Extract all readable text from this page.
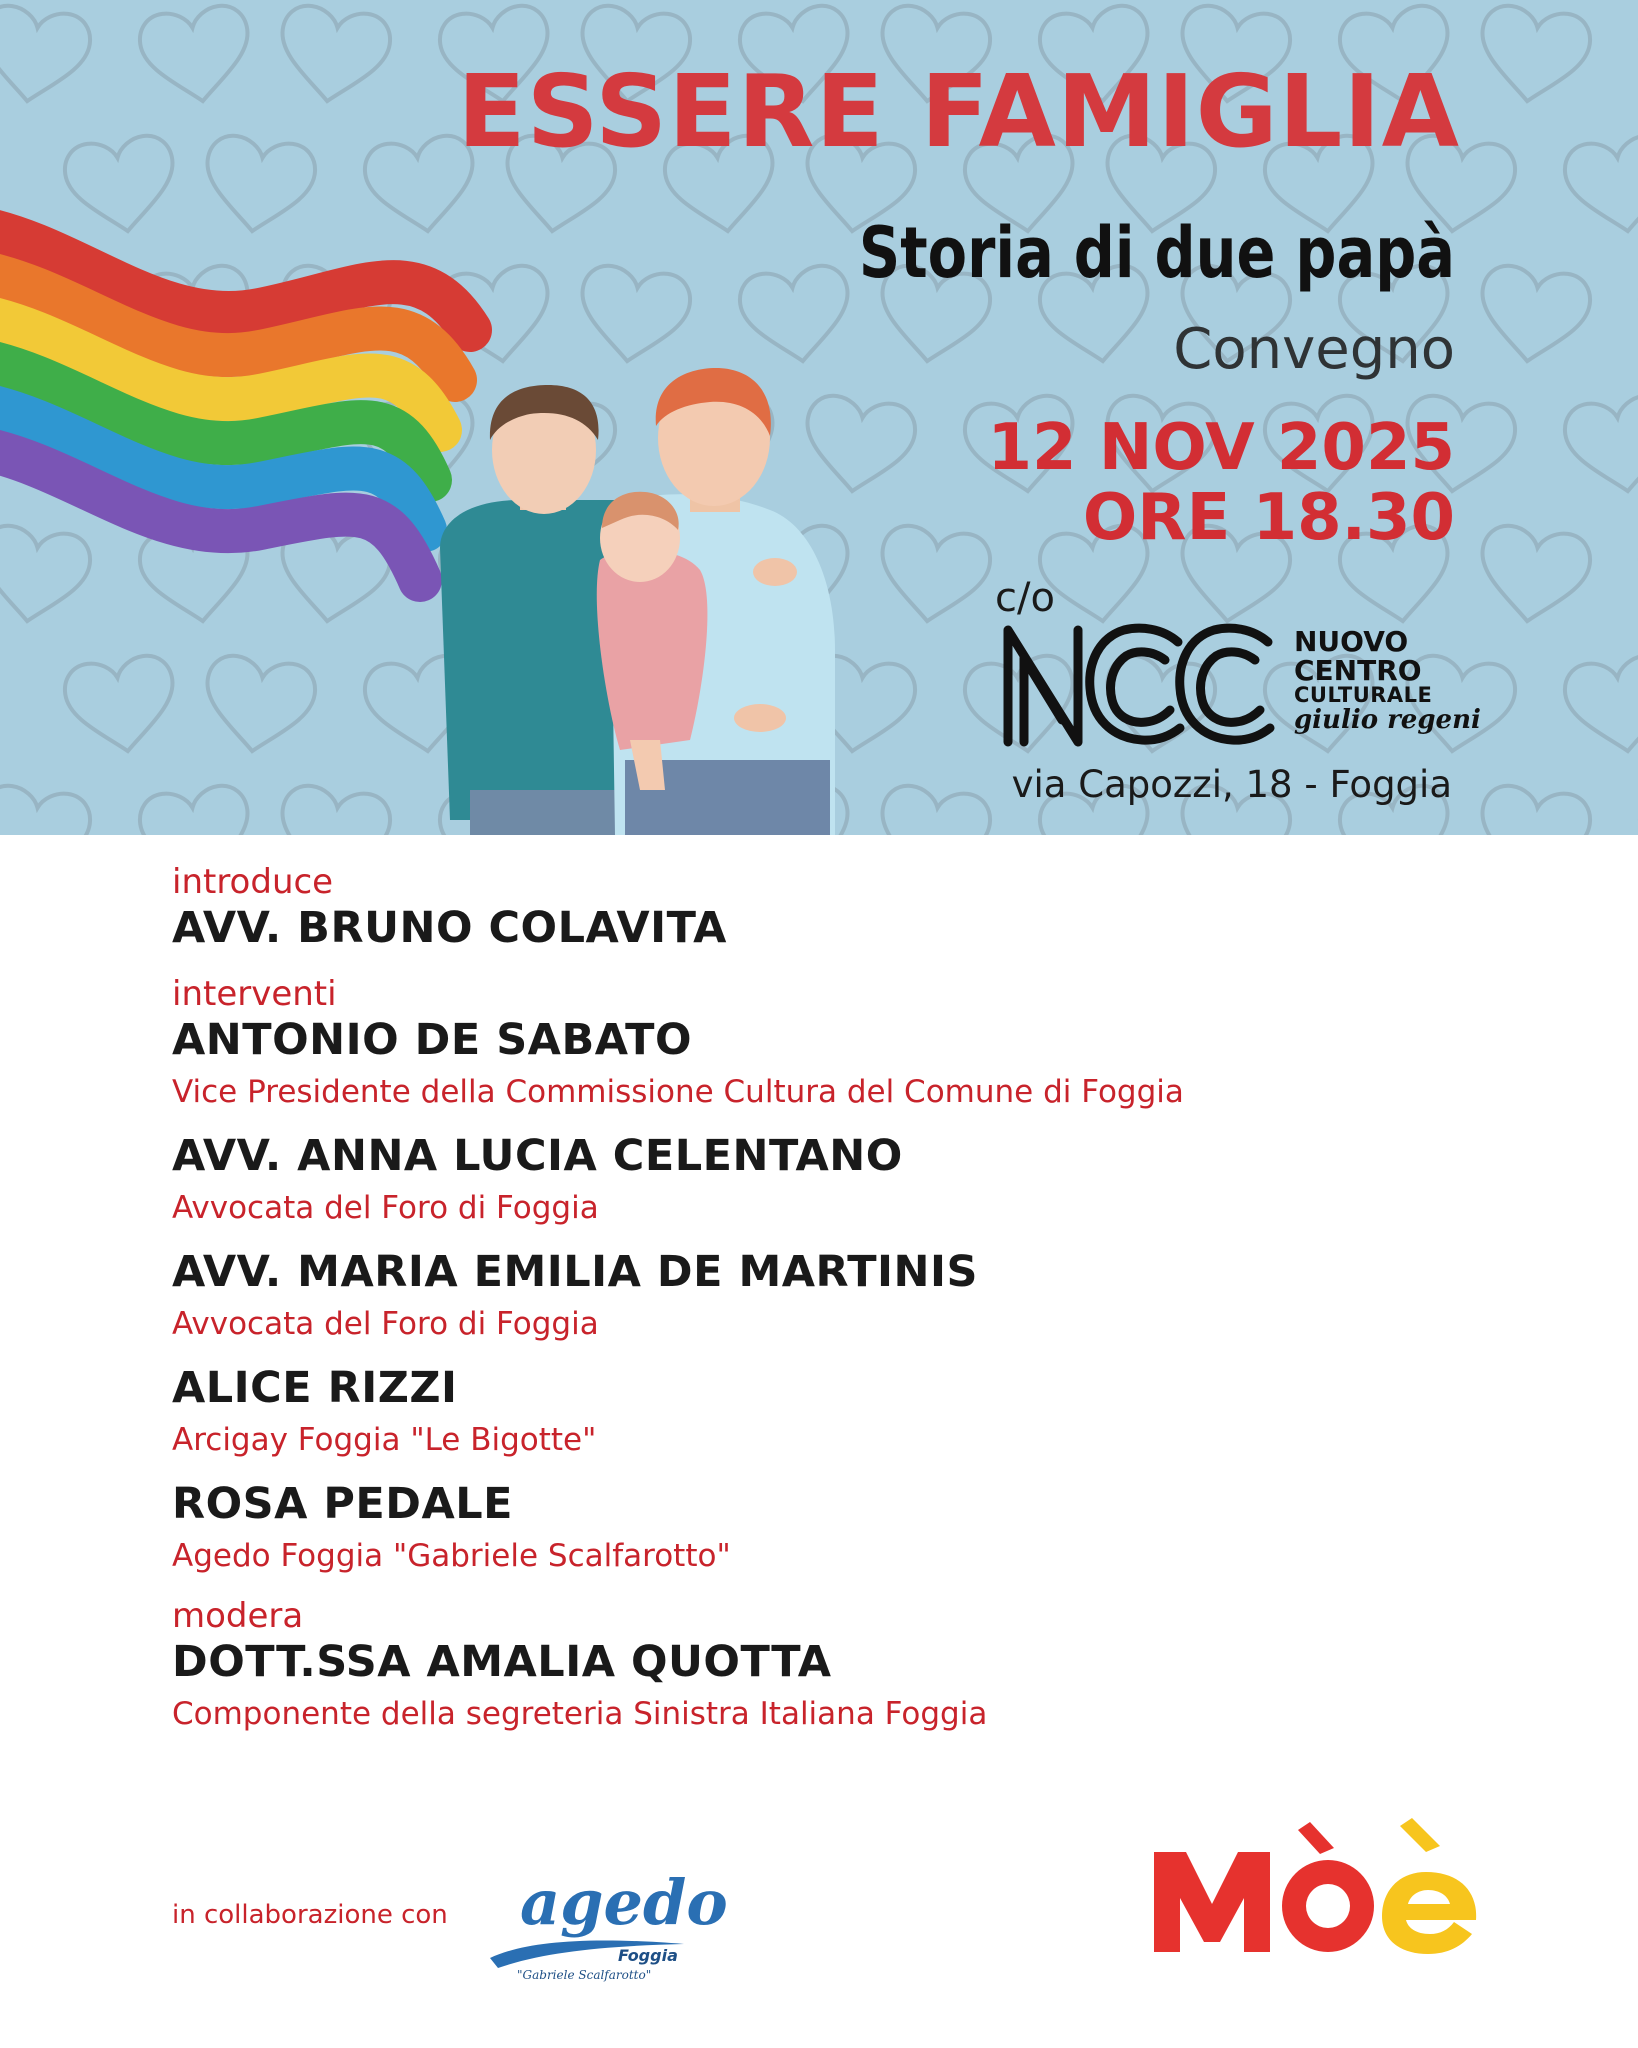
ESSERE FAMIGLIA
Storia di due papà
Convegno
12 NOV 2025
ORE 18.30
c/o
NUOVO
CENTRO
CULTURALE
giulio regeni
via Capozzi, 18 - Foggia
introduce
AVV. BRUNO COLAVITA
interventi
ANTONIO DE SABATO
Vice Presidente della Commissione Cultura del Comune di Foggia
AVV. ANNA LUCIA CELENTANO
Avvocata del Foro di Foggia
AVV. MARIA EMILIA DE MARTINIS
Avvocata del Foro di Foggia
ALICE RIZZI
Arcigay Foggia "Le Bigotte"
ROSA PEDALE
Agedo Foggia "Gabriele Scalfarotto"
modera
DOTT.SSA AMALIA QUOTTA
Componente della segreteria Sinistra Italiana Foggia
in collaborazione con agedo
Foggia
"Gabriele Scalfarotto"
